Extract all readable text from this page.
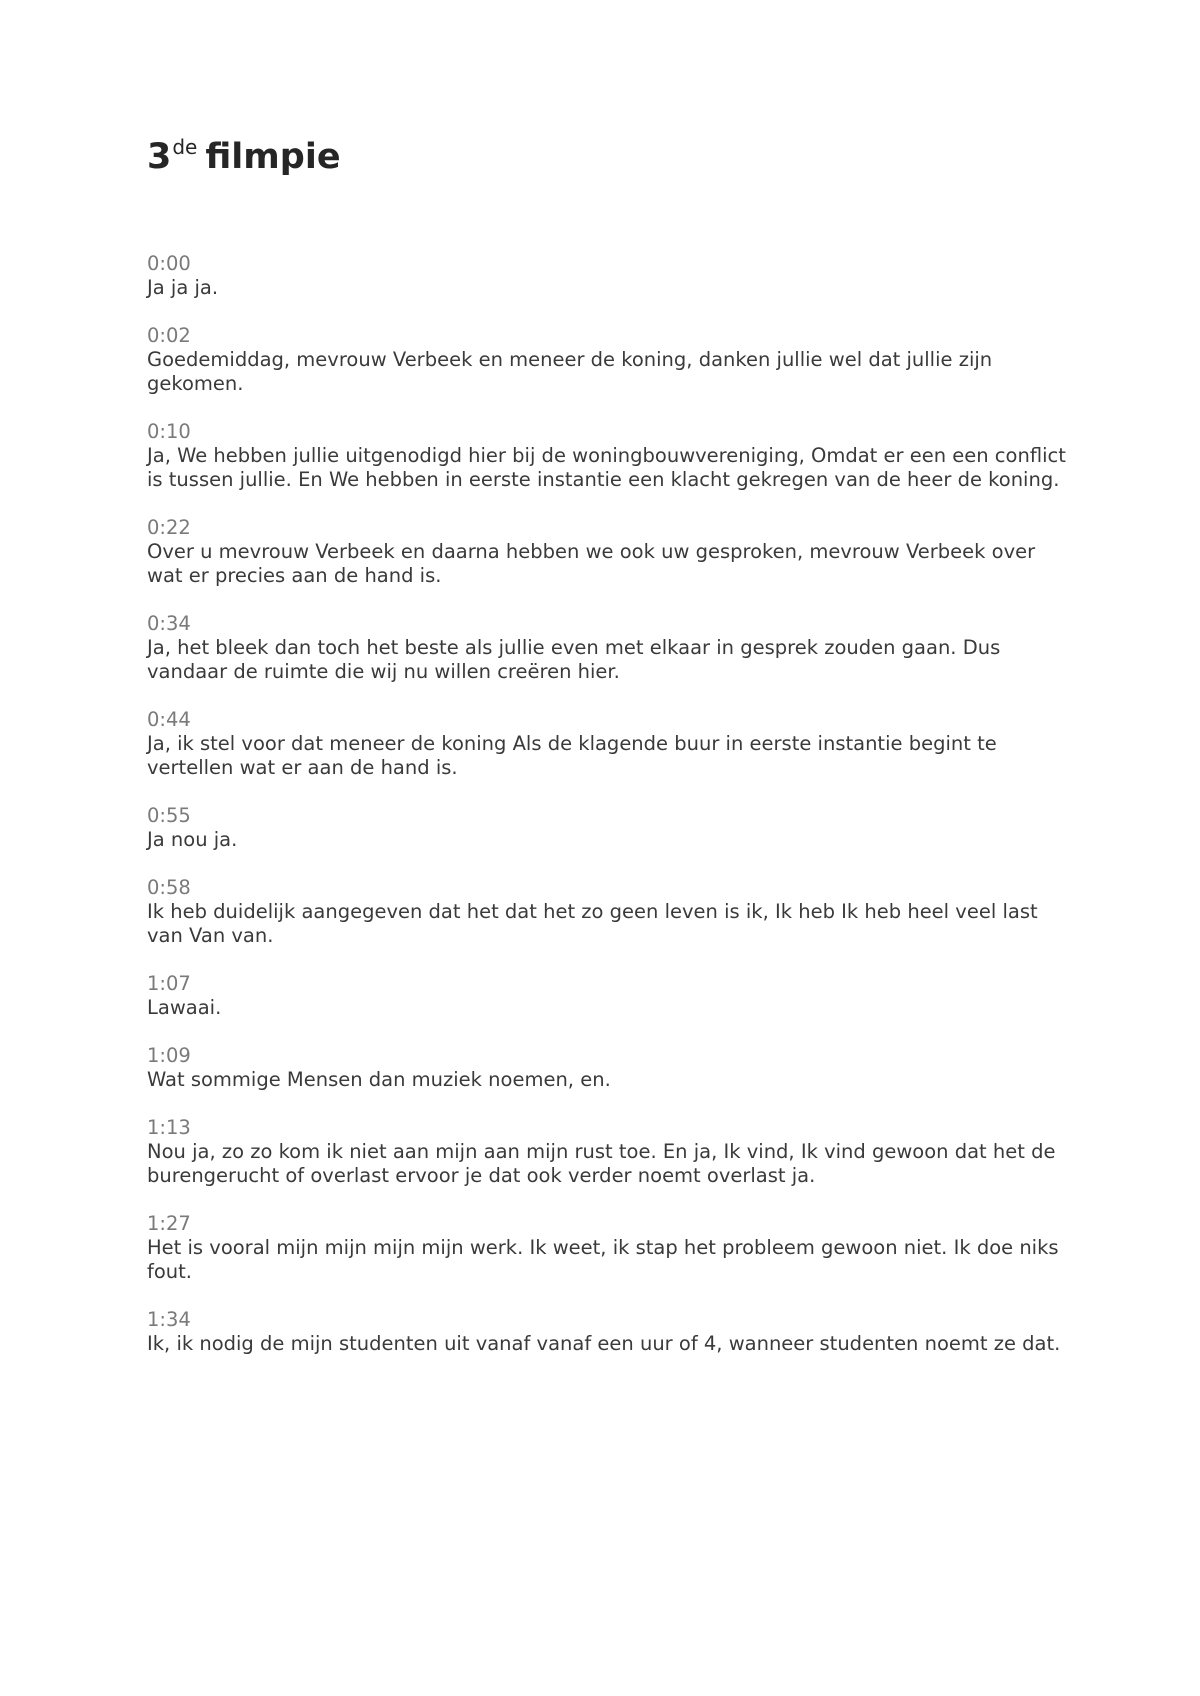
3de filmpie
0:00
Ja ja ja.
0:02
Goedemiddag, mevrouw Verbeek en meneer de koning, danken jullie wel dat jullie zijn gekomen.
0:10
Ja, We hebben jullie uitgenodigd hier bij de woningbouwvereniging, Omdat er een een conflict is tussen jullie. En We hebben in eerste instantie een klacht gekregen van de heer de koning.
0:22
Over u mevrouw Verbeek en daarna hebben we ook uw gesproken, mevrouw Verbeek over wat er precies aan de hand is.
0:34
Ja, het bleek dan toch het beste als jullie even met elkaar in gesprek zouden gaan. Dus vandaar de ruimte die wij nu willen creëren hier.
0:44
Ja, ik stel voor dat meneer de koning Als de klagende buur in eerste instantie begint te vertellen wat er aan de hand is.
0:55
Ja nou ja.
0:58
Ik heb duidelijk aangegeven dat het dat het zo geen leven is ik, Ik heb Ik heb heel veel last van Van van.
1:07
Lawaai.
1:09
Wat sommige Mensen dan muziek noemen, en.
1:13
Nou ja, zo zo kom ik niet aan mijn aan mijn rust toe. En ja, Ik vind, Ik vind gewoon dat het de burengerucht of overlast ervoor je dat ook verder noemt overlast ja.
1:27
Het is vooral mijn mijn mijn mijn werk. Ik weet, ik stap het probleem gewoon niet. Ik doe niks fout.
1:34
Ik, ik nodig de mijn studenten uit vanaf vanaf een uur of 4, wanneer studenten noemt ze dat.
